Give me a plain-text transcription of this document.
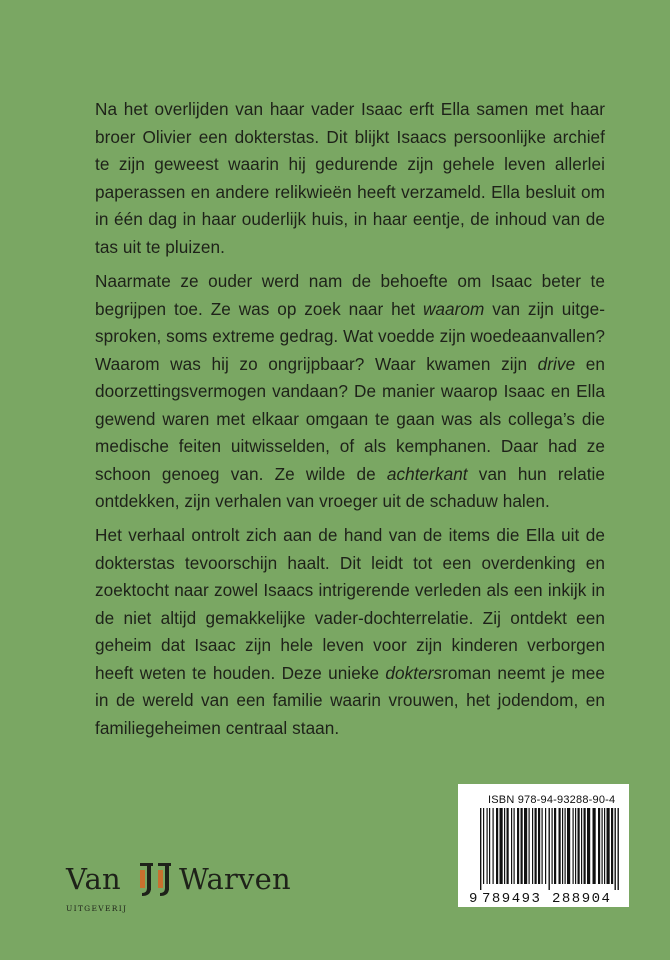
Na het overlijden van haar vader Isaac erft Ella samen met haar broer Olivier een dokterstas. Dit blijkt Isaacs persoonlijke archief te zijn geweest waarin hij gedurende zijn gehele leven allerlei paperassen en andere relikwieën heeft verzameld. Ella besluit om in één dag in haar ouderlijk huis, in haar eentje, de inhoud van de tas uit te pluizen.

Naarmate ze ouder werd nam de behoefte om Isaac beter te begrijpen toe. Ze was op zoek naar het waarom van zijn uitgesproken, soms extreme gedrag. Wat voedde zijn woedeaanvallen? Waarom was hij zo ongrijpbaar? Waar kwamen zijn drive en doorzettingsvermogen vandaan? De manier waarop Isaac en Ella gewend waren met elkaar omgaan te gaan was als collega’s die medische feiten uitwisselden, of als kemphanen. Daar had ze schoon genoeg van. Ze wilde de achterkant van hun relatie ontdekken, zijn verhalen van vroeger uit de schaduw halen.

Het verhaal ontrolt zich aan de hand van de items die Ella uit de dokterstas tevoorschijn haalt. Dit leidt tot een overdenking en zoektocht naar zowel Isaacs intrigerende verleden als een inkijk in de niet altijd gemakkelijke vader-dochterrelatie. Zij ontdekt een geheim dat Isaac zijn hele leven voor zijn kinderen verborgen heeft weten te houden. Deze unieke doktersroman neemt je mee in de wereld van een familie waarin vrouwen, het jodendom, en familiegeheimen centraal staan.

ISBN 978-94-93288-90-4
9 789493 288904
Van Warven
UITGEVERIJ
